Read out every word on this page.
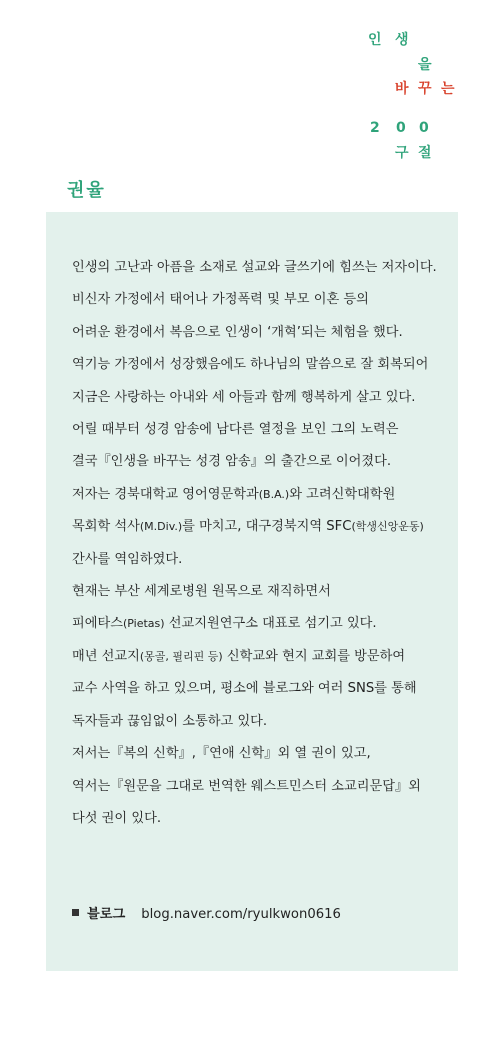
인 생
을
바 꾸 는
2 0 0
구 절
권율
인생의 고난과 아픔을 소재로 설교와 글쓰기에 힘쓰는 저자이다.
비신자 가정에서 태어나 가정폭력 및 부모 이혼 등의
어려운 환경에서 복음으로 인생이 ‘개혁’되는 체험을 했다.
역기능 가정에서 성장했음에도 하나님의 말씀으로 잘 회복되어
지금은 사랑하는 아내와 세 아들과 함께 행복하게 살고 있다.
어릴 때부터 성경 암송에 남다른 열정을 보인 그의 노력은
결국『인생을 바꾸는 성경 암송』의 출간으로 이어졌다.
저자는 경북대학교 영어영문학과(B.A.)와 고려신학대학원
목회학 석사(M.Div.)를 마치고, 대구경북지역 SFC(학생신앙운동)
간사를 역임하였다.
현재는 부산 세계로병원 원목으로 재직하면서
피에타스(Pietas) 선교지원연구소 대표로 섬기고 있다.
매년 선교지(몽골, 필리핀 등) 신학교와 현지 교회를 방문하여
교수 사역을 하고 있으며, 평소에 블로그와 여러 SNS를 통해
독자들과 끊임없이 소통하고 있다.
저서는『복의 신학』,『연애 신학』외 열 권이 있고,
역서는『원문을 그대로 번역한 웨스트민스터 소교리문답』외
다섯 권이 있다.
블로그 blog.naver.com/ryulkwon0616
